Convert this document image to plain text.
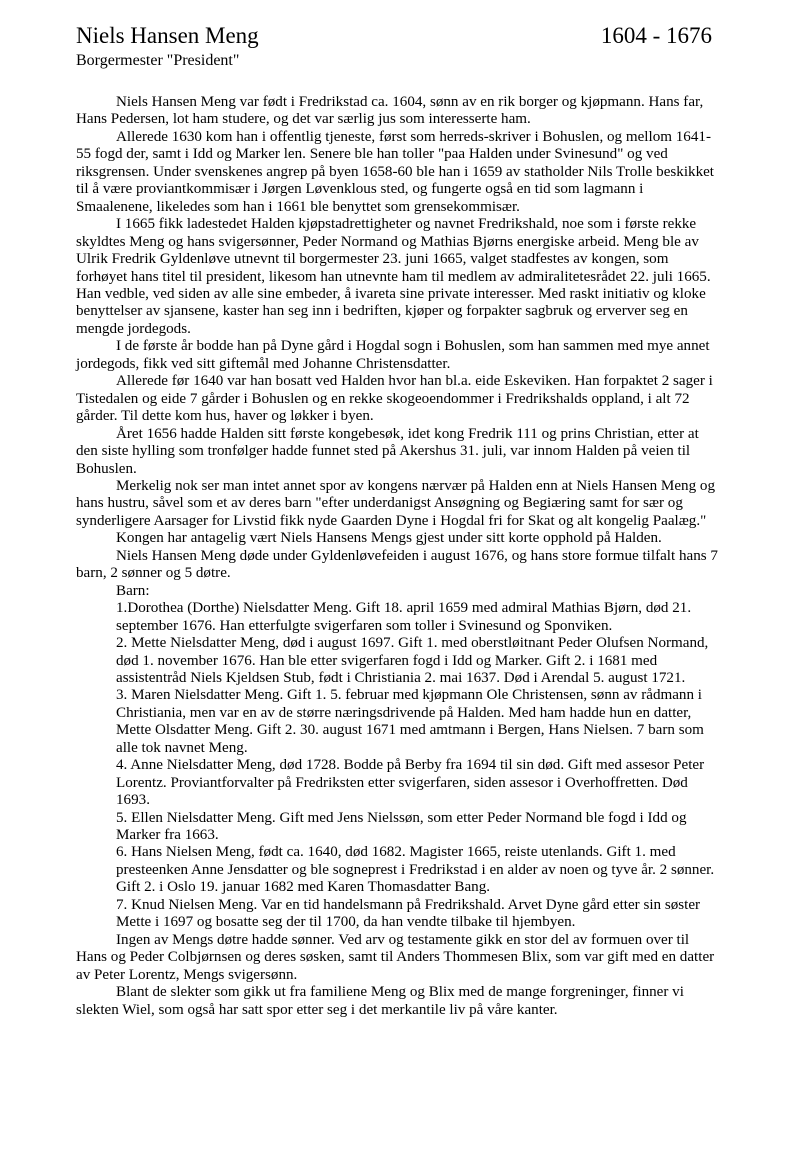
Niels Hansen Meng	1604 - 1676
Borgermester "President"

Niels Hansen Meng var født i Fredrikstad ca. 1604, sønn av en rik borger og kjøpmann. Hans far, Hans Pedersen, lot ham studere, og det var særlig jus som interesserte ham.

Allerede 1630 kom han i offentlig tjeneste, først som herreds-skriver i Bohuslen, og mellom 1641-55 fogd der, samt i Idd og Marker len. Senere ble han toller "paa Halden under Svinesund" og ved riksgrensen. Under svenskenes angrep på byen 1658-60 ble han i 1659 av statholder Nils Trolle beskikket til å være proviantkommisær i Jørgen Løvenklous sted, og fungerte også en tid som lagmann i Smaalenene, likeledes som han i 1661 ble benyttet som grensekommisær.

I 1665 fikk ladestedet Halden kjøpstadrettigheter og navnet Fredrikshald, noe som i første rekke skyldtes Meng og hans svigersønner, Peder Normand og Mathias Bjørns energiske arbeid. Meng ble av Ulrik Fredrik Gyldenløve utnevnt til borgermester 23. juni 1665, valget stadfestes av kongen, som forhøyet hans titel til president, likesom han utnevnte ham til medlem av admiralitetesrådet 22. juli 1665. Han vedble, ved siden av alle sine embeder, å ivareta sine private interesser. Med raskt initiativ og kloke benyttelser av sjansene, kaster han seg inn i bedriften, kjøper og forpakter sagbruk og erverver seg en mengde jordegods.

I de første år bodde han på Dyne gård i Hogdal sogn i Bohuslen, som han sammen med mye annet jordegods, fikk ved sitt giftemål med Johanne Christensdatter.

Allerede før 1640 var han bosatt ved Halden hvor han bl.a. eide Eskeviken. Han forpaktet 2 sager i Tistedalen og eide 7 gårder i Bohuslen og en rekke skogeoendommer i Fredrikshalds oppland, i alt 72 gårder. Til dette kom hus, haver og løkker i byen.

Året 1656 hadde Halden sitt første kongebesøk, idet kong Fredrik 111 og prins Christian, etter at den siste hylling som tronfølger hadde funnet sted på Akershus 31. juli, var innom Halden på veien til Bohuslen.

Merkelig nok ser man intet annet spor av kongens nærvær på Halden enn at Niels Hansen Meng og hans hustru, såvel som et av deres barn "efter underdanigst Ansøgning og Begiæring samt for sær og synderligere Aarsager for Livstid fikk nyde Gaarden Dyne i Hogdal fri for Skat og alt kongelig Paalæg."

Kongen har antagelig vært Niels Hansens Mengs gjest under sitt korte opphold på Halden.

Niels Hansen Meng døde under Gyldenløvefeiden i august 1676, og hans store formue tilfalt hans 7 barn, 2 sønner og 5 døtre.

Barn:

1.Dorothea (Dorthe) Nielsdatter Meng. Gift 18. april 1659 med admiral Mathias Bjørn, død 21. september 1676. Han etterfulgte svigerfaren som toller i Svinesund og Sponviken.

2. Mette Nielsdatter Meng, død i august 1697. Gift 1. med oberstløitnant Peder Olufsen Normand, død 1. november 1676. Han ble etter svigerfaren fogd i Idd og Marker. Gift 2. i 1681 med assistentråd Niels Kjeldsen Stub, født i Christiania 2. mai 1637. Død i Arendal 5. august 1721.

3. Maren Nielsdatter Meng. Gift 1. 5. februar med kjøpmann Ole Christensen, sønn av rådmann i Christiania, men var en av de større næringsdrivende på Halden. Med ham hadde hun en datter, Mette Olsdatter Meng. Gift 2. 30. august 1671 med amtmann i Bergen, Hans Nielsen. 7 barn som alle tok navnet Meng.

4. Anne Nielsdatter Meng, død 1728. Bodde på Berby fra 1694 til sin død. Gift med assesor Peter Lorentz. Proviantforvalter på Fredriksten etter svigerfaren, siden assesor i Overhoffretten. Død 1693.

5. Ellen Nielsdatter Meng. Gift med Jens Nielssøn, som etter Peder Normand ble fogd i Idd og Marker fra 1663.

6. Hans Nielsen Meng, født ca. 1640, død 1682. Magister 1665, reiste utenlands. Gift 1. med presteenken Anne Jensdatter og ble sogneprest i Fredrikstad i en alder av noen og tyve år. 2 sønner. Gift 2. i Oslo 19. januar 1682 med Karen Thomasdatter Bang.

7. Knud Nielsen Meng. Var en tid handelsmann på Fredrikshald. Arvet Dyne gård etter sin søster Mette i 1697 og bosatte seg der til 1700, da han vendte tilbake til hjembyen.

Ingen av Mengs døtre hadde sønner. Ved arv og testamente gikk en stor del av formuen over til Hans og Peder Colbjørnsen og deres søsken, samt til Anders Thommesen Blix, som var gift med en datter av Peter Lorentz, Mengs svigersønn.

Blant de slekter som gikk ut fra familiene Meng og Blix med de mange forgreninger, finner vi slekten Wiel, som også har satt spor etter seg i det merkantile liv på våre kanter.
